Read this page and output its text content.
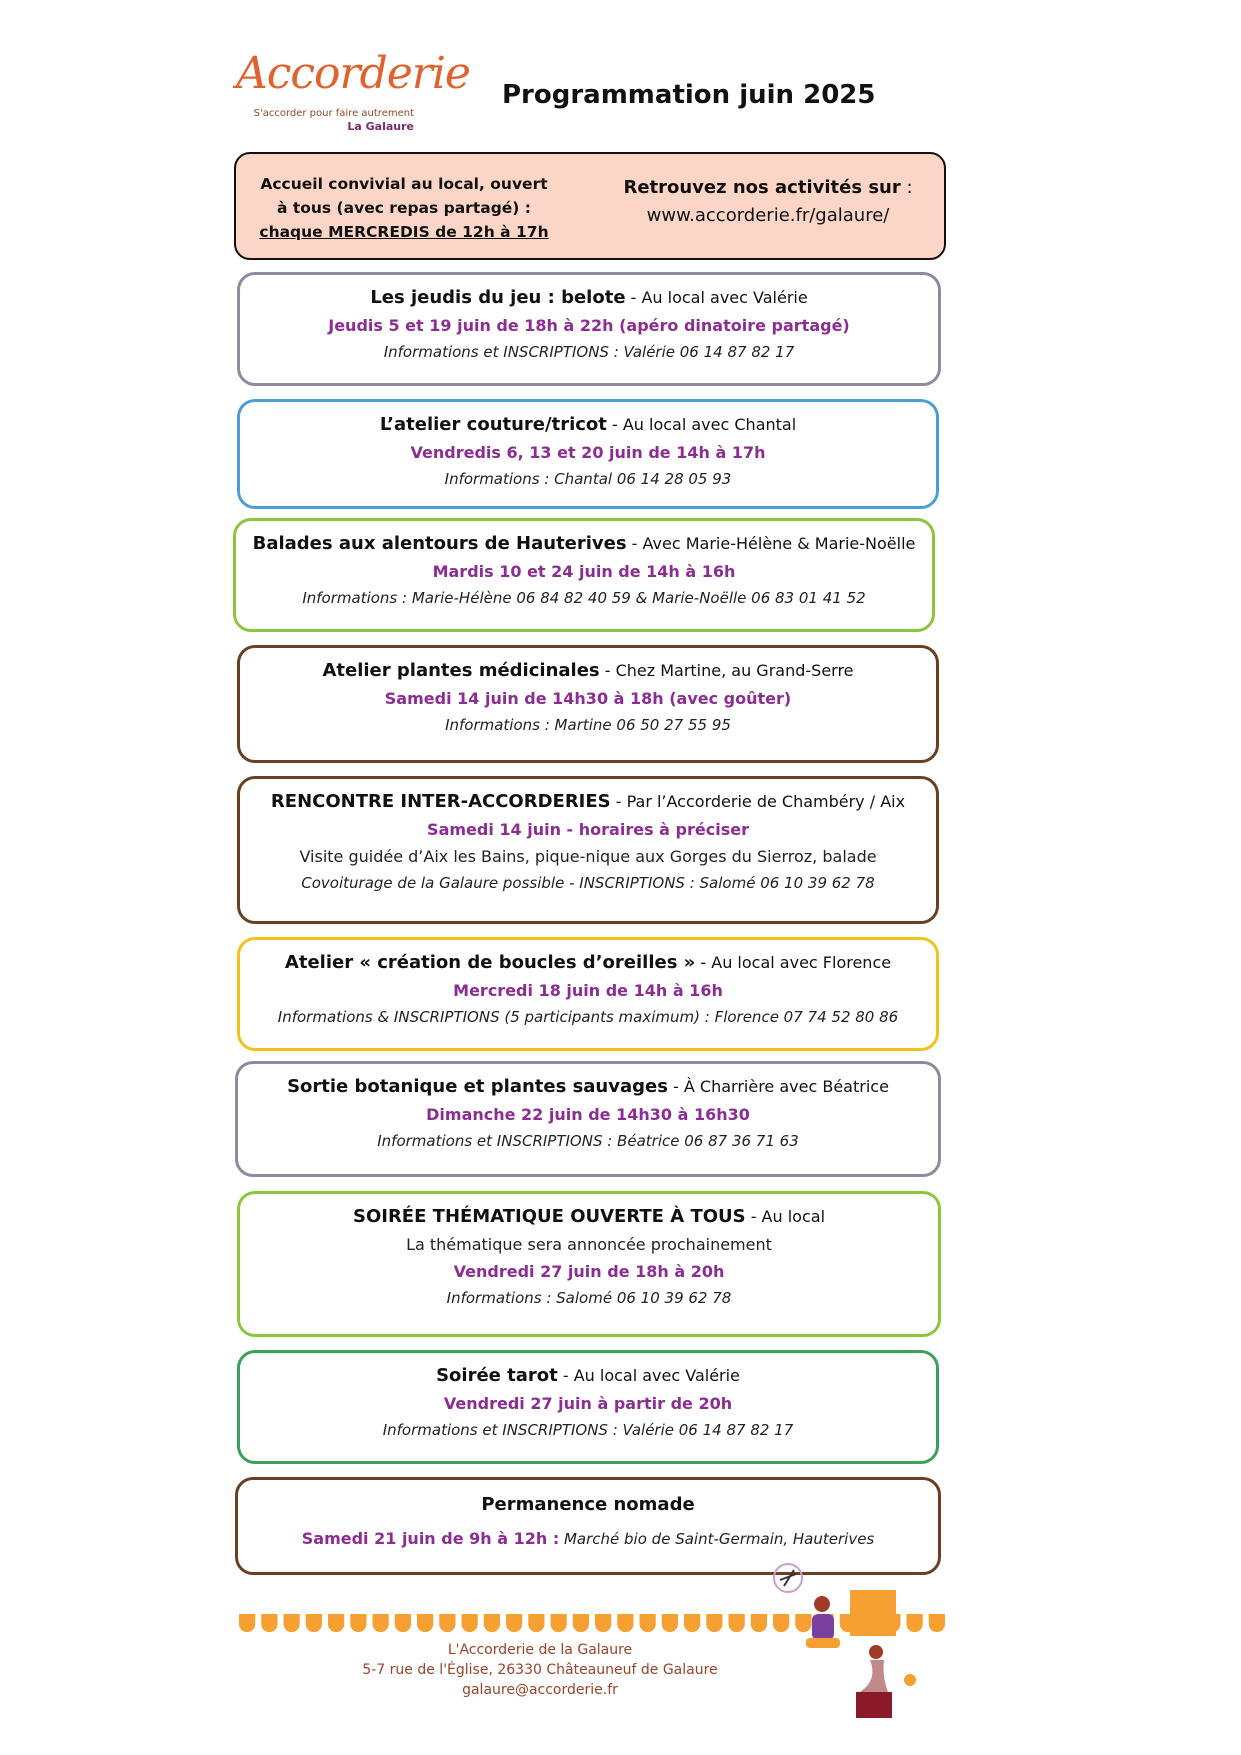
Accorderie
S'accorder pour faire autrement
La Galaure
Programmation juin 2025
Accueil convivial au local, ouvert
à tous (avec repas partagé) :
chaque MERCREDIS de 12h à 17h
Retrouvez nos activités sur :
www.accorderie.fr/galaure/
Les jeudis du jeu : belote - Au local avec Valérie
Jeudis 5 et 19 juin de 18h à 22h (apéro dinatoire partagé)
Informations et INSCRIPTIONS : Valérie 06 14 87 82 17
L’atelier couture/tricot - Au local avec Chantal
Vendredis 6, 13 et 20 juin de 14h à 17h
Informations : Chantal 06 14 28 05 93
Balades aux alentours de Hauterives - Avec Marie-Hélène & Marie-Noëlle
Mardis 10 et 24 juin de 14h à 16h
Informations : Marie-Hélène 06 84 82 40 59 & Marie-Noëlle 06 83 01 41 52
Atelier plantes médicinales - Chez Martine, au Grand-Serre
Samedi 14 juin de 14h30 à 18h (avec goûter)
Informations : Martine 06 50 27 55 95
RENCONTRE INTER-ACCORDERIES - Par l’Accorderie de Chambéry / Aix
Samedi 14 juin - horaires à préciser
Visite guidée d’Aix les Bains, pique-nique aux Gorges du Sierroz, balade
Covoiturage de la Galaure possible - INSCRIPTIONS : Salomé 06 10 39 62 78
Atelier « création de boucles d’oreilles » - Au local avec Florence
Mercredi 18 juin de 14h à 16h
Informations & INSCRIPTIONS (5 participants maximum) : Florence 07 74 52 80 86
Sortie botanique et plantes sauvages - À Charrière avec Béatrice
Dimanche 22 juin de 14h30 à 16h30
Informations et INSCRIPTIONS : Béatrice 06 87 36 71 63
SOIRÉE THÉMATIQUE OUVERTE À TOUS - Au local
La thématique sera annoncée prochainement
Vendredi 27 juin de 18h à 20h
Informations : Salomé 06 10 39 62 78
Soirée tarot - Au local avec Valérie
Vendredi 27 juin à partir de 20h
Informations et INSCRIPTIONS : Valérie 06 14 87 82 17
Permanence nomade
Samedi 21 juin de 9h à 12h : Marché bio de Saint-Germain, Hauterives
L'Accorderie de la Galaure
5-7 rue de l'Église, 26330 Châteauneuf de Galaure
galaure@accorderie.fr
